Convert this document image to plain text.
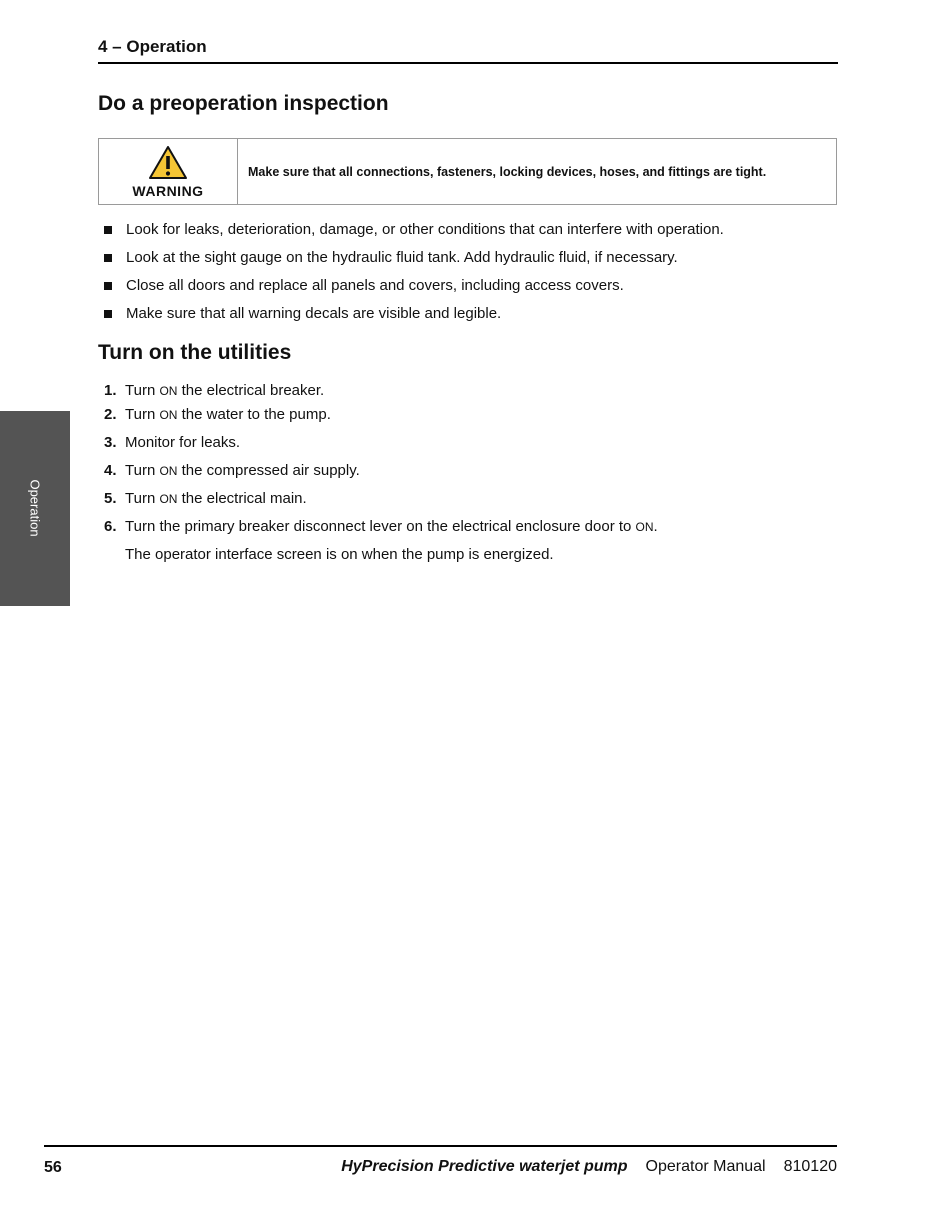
4 – Operation
Do a preoperation inspection
WARNING
Make sure that all connections, fasteners, locking devices, hoses, and fittings are tight.
Look for leaks, deterioration, damage, or other conditions that can interfere with operation.
Look at the sight gauge on the hydraulic fluid tank. Add hydraulic fluid, if necessary.
Close all doors and replace all panels and covers, including access covers.
Make sure that all warning decals are visible and legible.
Turn on the utilities
1. Turn ON the electrical breaker.
2. Turn ON the water to the pump.
3. Monitor for leaks.
4. Turn ON the compressed air supply.
5. Turn ON the electrical main.
6. Turn the primary breaker disconnect lever on the electrical enclosure door to ON.
The operator interface screen is on when the pump is energized.
Operation
56	HyPrecision Predictive waterjet pump Operator Manual 810120
